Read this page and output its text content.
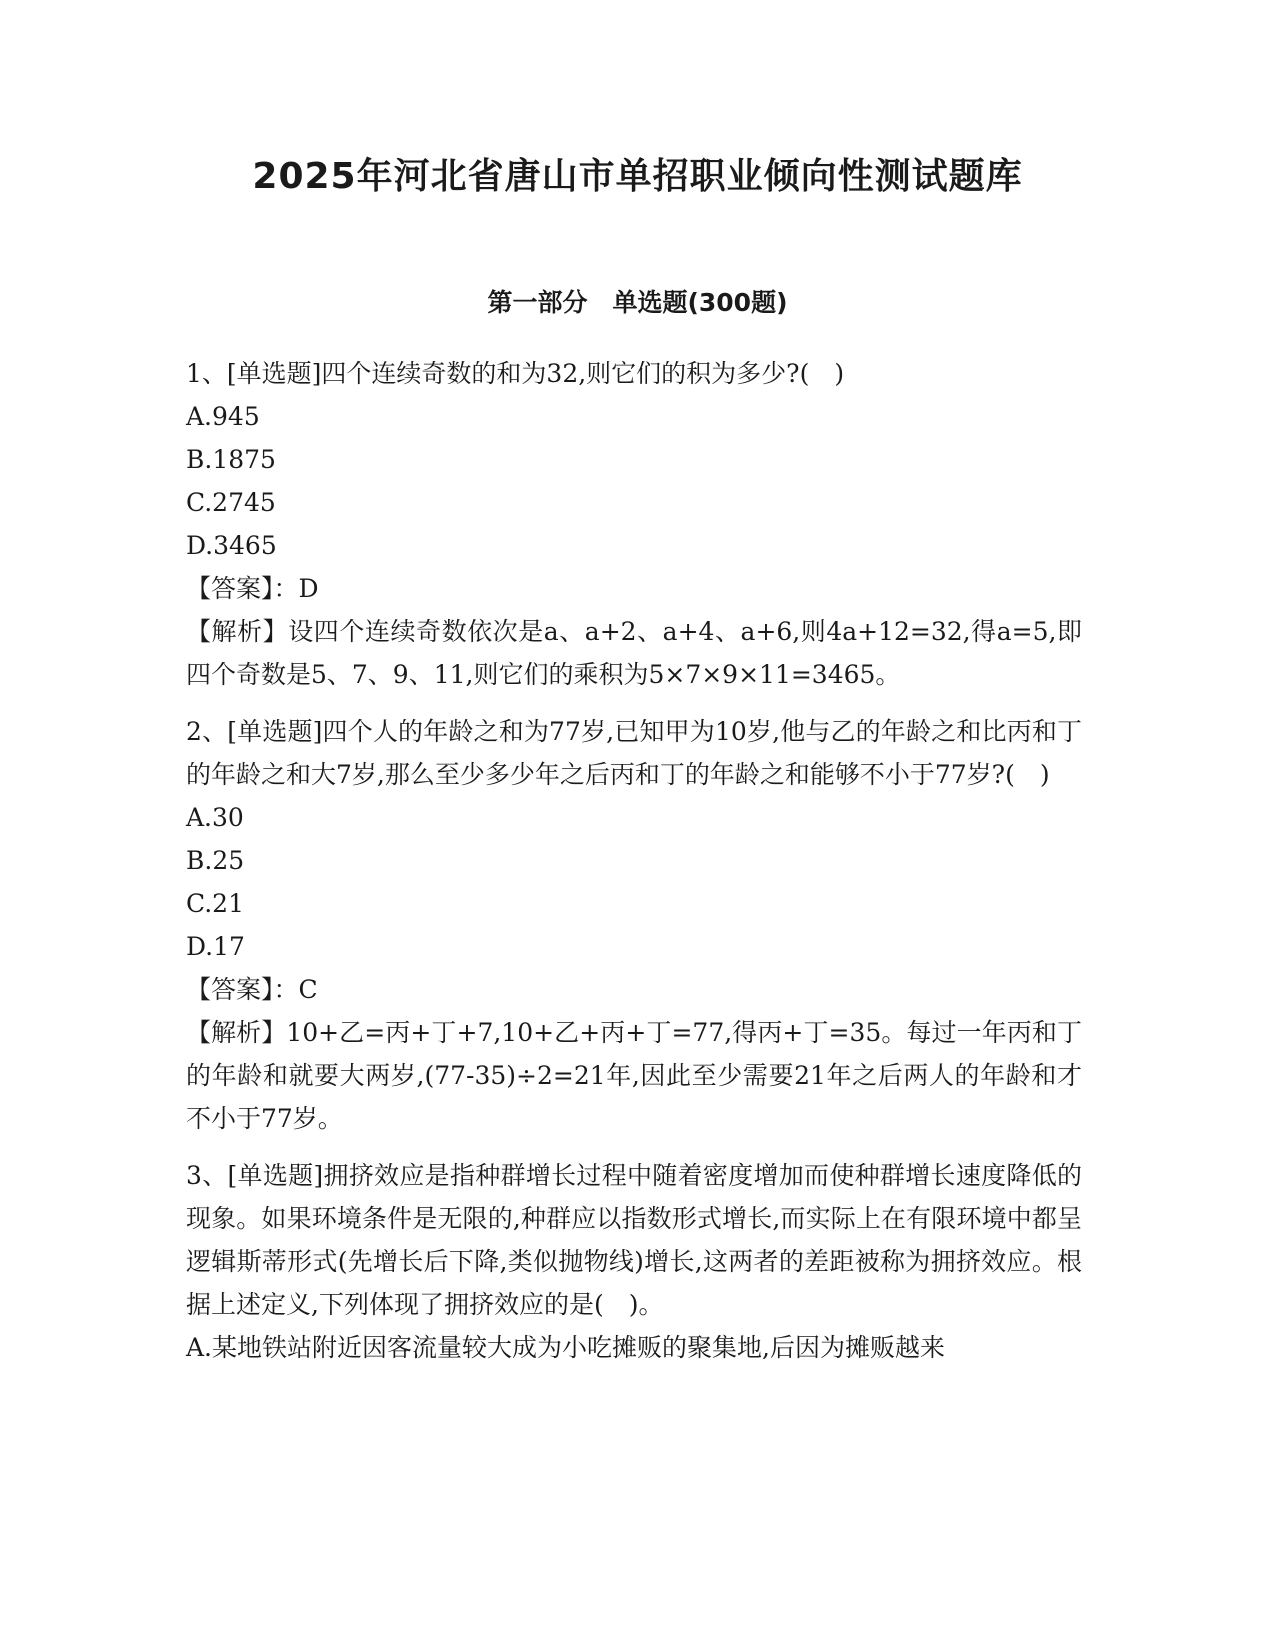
2025年河北省唐山市单招职业倾向性测试题库
第一部分　单选题(300题)
1、[单选题]四个连续奇数的和为32,则它们的积为多少?(　)
A.945
B.1875
C.2745
D.3465
【答案】：D
【解析】设四个连续奇数依次是a、a+2、a+4、a+6,则4a+12=32,得a=5,即四个奇数是5、7、9、11,则它们的乘积为5×7×9×11=3465。
2、[单选题]四个人的年龄之和为77岁,已知甲为10岁,他与乙的年龄之和比丙和丁的年龄之和大7岁,那么至少多少年之后丙和丁的年龄之和能够不小于77岁?(　)
A.30
B.25
C.21
D.17
【答案】：C
【解析】10+乙=丙+丁+7,10+乙+丙+丁=77,得丙+丁=35。每过一年丙和丁的年龄和就要大两岁,(77-35)÷2=21年,因此至少需要21年之后两人的年龄和才不小于77岁。
3、[单选题]拥挤效应是指种群增长过程中随着密度增加而使种群增长速度降低的现象。如果环境条件是无限的,种群应以指数形式增长,而实际上在有限环境中都呈逻辑斯蒂形式(先增长后下降,类似抛物线)增长,这两者的差距被称为拥挤效应。根据上述定义,下列体现了拥挤效应的是(　)。
A.某地铁站附近因客流量较大成为小吃摊贩的聚集地,后因为摊贩越来
